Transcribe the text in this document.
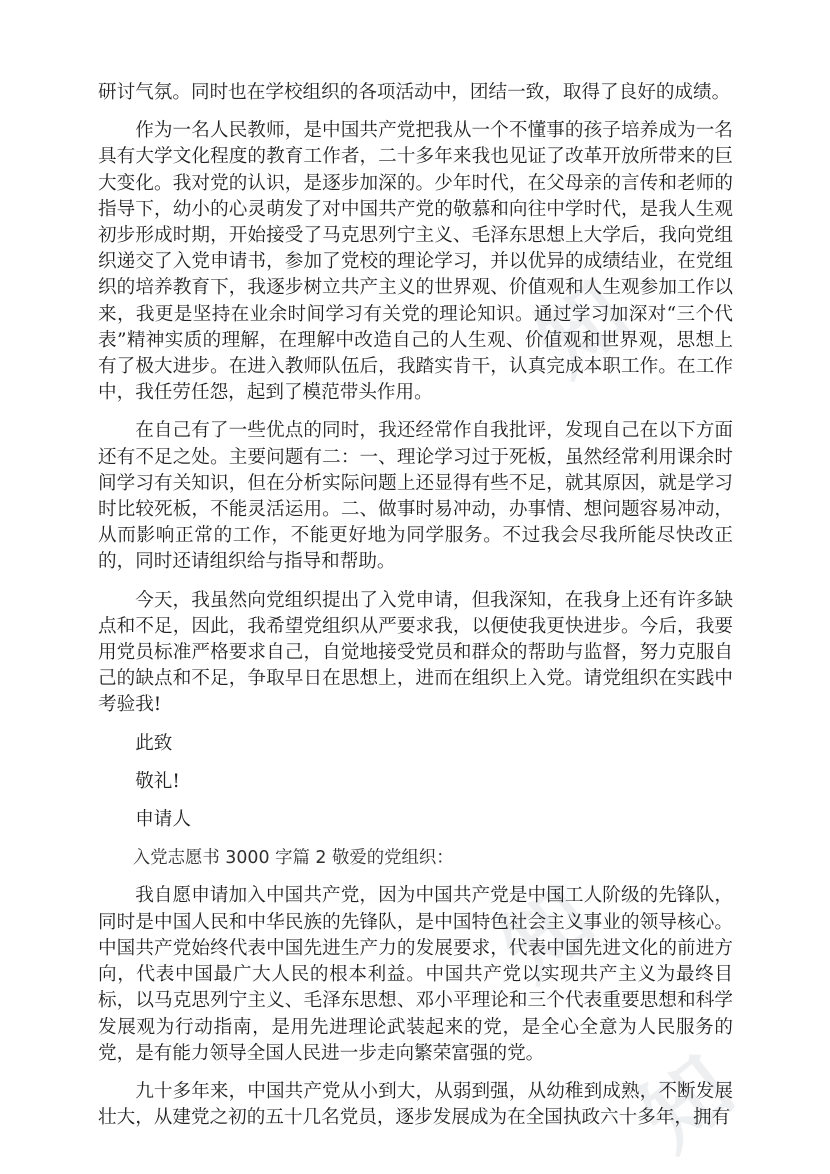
知
知
知

研讨气氛。同时也在学校组织的各项活动中，团结一致，取得了良好的成绩。

作为一名人民教师，是中国共产党把我从一个不懂事的孩子培养成为一名具有大学文化程度的教育工作者，二十多年来我也见证了改革开放所带来的巨大变化。我对党的认识，是逐步加深的。少年时代，在父母亲的言传和老师的指导下，幼小的心灵萌发了对中国共产党的敬慕和向往中学时代，是我人生观初步形成时期，开始接受了马克思列宁主义、毛泽东思想上大学后，我向党组织递交了入党申请书，参加了党校的理论学习，并以优异的成绩结业，在党组织的培养教育下，我逐步树立共产主义的世界观、价值观和人生观参加工作以来，我更是坚持在业余时间学习有关党的理论知识。通过学习加深对“三个代表”精神实质的理解，在理解中改造自己的人生观、价值观和世界观，思想上有了极大进步。在进入教师队伍后，我踏实肯干，认真完成本职工作。在工作中，我任劳任怨，起到了模范带头作用。

在自己有了一些优点的同时，我还经常作自我批评，发现自己在以下方面还有不足之处。主要问题有二：一、理论学习过于死板，虽然经常利用课余时间学习有关知识，但在分析实际问题上还显得有些不足，就其原因，就是学习时比较死板，不能灵活运用。二、做事时易冲动，办事情、想问题容易冲动，从而影响正常的工作，不能更好地为同学服务。不过我会尽我所能尽快改正的，同时还请组织给与指导和帮助。

今天，我虽然向党组织提出了入党申请，但我深知，在我身上还有许多缺点和不足，因此，我希望党组织从严要求我，以便使我更快进步。今后，我要用党员标准严格要求自己，自觉地接受党员和群众的帮助与监督，努力克服自己的缺点和不足，争取早日在思想上，进而在组织上入党。请党组织在实践中考验我!

此致

敬礼!

申请人

入党志愿书 3000 字篇 2 敬爱的党组织：

我自愿申请加入中国共产党，因为中国共产党是中国工人阶级的先锋队，同时是中国人民和中华民族的先锋队，是中国特色社会主义事业的领导核心。中国共产党始终代表中国先进生产力的发展要求，代表中国先进文化的前进方向，代表中国最广大人民的根本利益。中国共产党以实现共产主义为最终目标，以马克思列宁主义、毛泽东思想、邓小平理论和三个代表重要思想和科学发展观为行动指南，是用先进理论武装起来的党，是全心全意为人民服务的党，是有能力领导全国人民进一步走向繁荣富强的党。

九十多年来，中国共产党从小到大，从弱到强，从幼稚到成熟，不断发展壮大，从建党之初的五十几名党员，逐步发展成为在全国执政六十多年，拥有
